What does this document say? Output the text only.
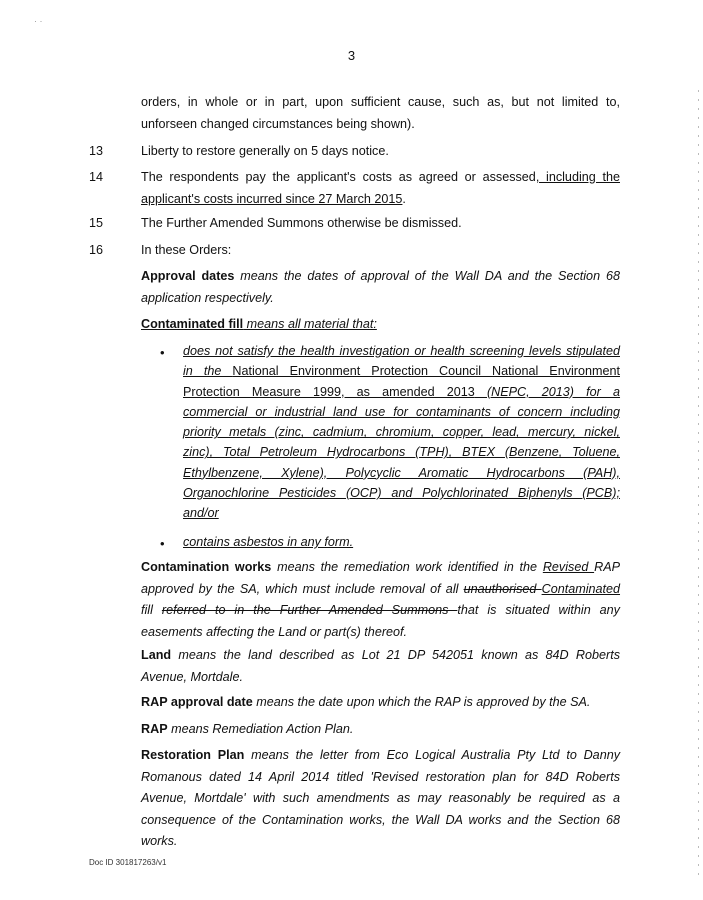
· ·
3
orders, in whole or in part, upon sufficient cause, such as, but not limited to,
unforseen changed circumstances being shown).
13	Liberty to restore generally on 5 days notice.
14	The respondents pay the applicant's costs as agreed or assessed, including the
applicant's costs incurred since 27 March 2015.
15	The Further Amended Summons otherwise be dismissed.
16	In these Orders:
Approval dates means the dates of approval of the Wall DA and the Section 68
application respectively.
Contaminated fill means all material that:
• does not satisfy the health investigation or health screening levels stipulated
in the National Environment Protection Council National Environment
Protection Measure 1999, as amended 2013 (NEPC, 2013) for a
commercial or industrial land use for contaminants of concern including
priority metals (zinc, cadmium, chromium, copper, lead, mercury, nickel,
zinc), Total Petroleum Hydrocarbons (TPH), BTEX (Benzene, Toluene,
Ethylbenzene, Xylene), Polycyclic Aromatic Hydrocarbons (PAH),
Organochlorine Pesticides (OCP) and Polychlorinated Biphenyls (PCB);
and/or
• contains asbestos in any form.
Contamination works means the remediation work identified in the Revised RAP
approved by the SA, which must include removal of all unauthorised Contaminated
fill referred to in the Further Amended Summons that is situated within any
easements affecting the Land or part(s) thereof.
Land means the land described as Lot 21 DP 542051 known as 84D Roberts
Avenue, Mortdale.
RAP approval date means the date upon which the RAP is approved by the SA.
RAP means Remediation Action Plan.
Restoration Plan means the letter from Eco Logical Australia Pty Ltd to Danny
Romanous dated 14 April 2014 titled 'Revised restoration plan for 84D Roberts
Avenue, Mortdale' with such amendments as may reasonably be required as a
consequence of the Contamination works, the Wall DA works and the Section 68
works.
Doc ID 301817263/v1
